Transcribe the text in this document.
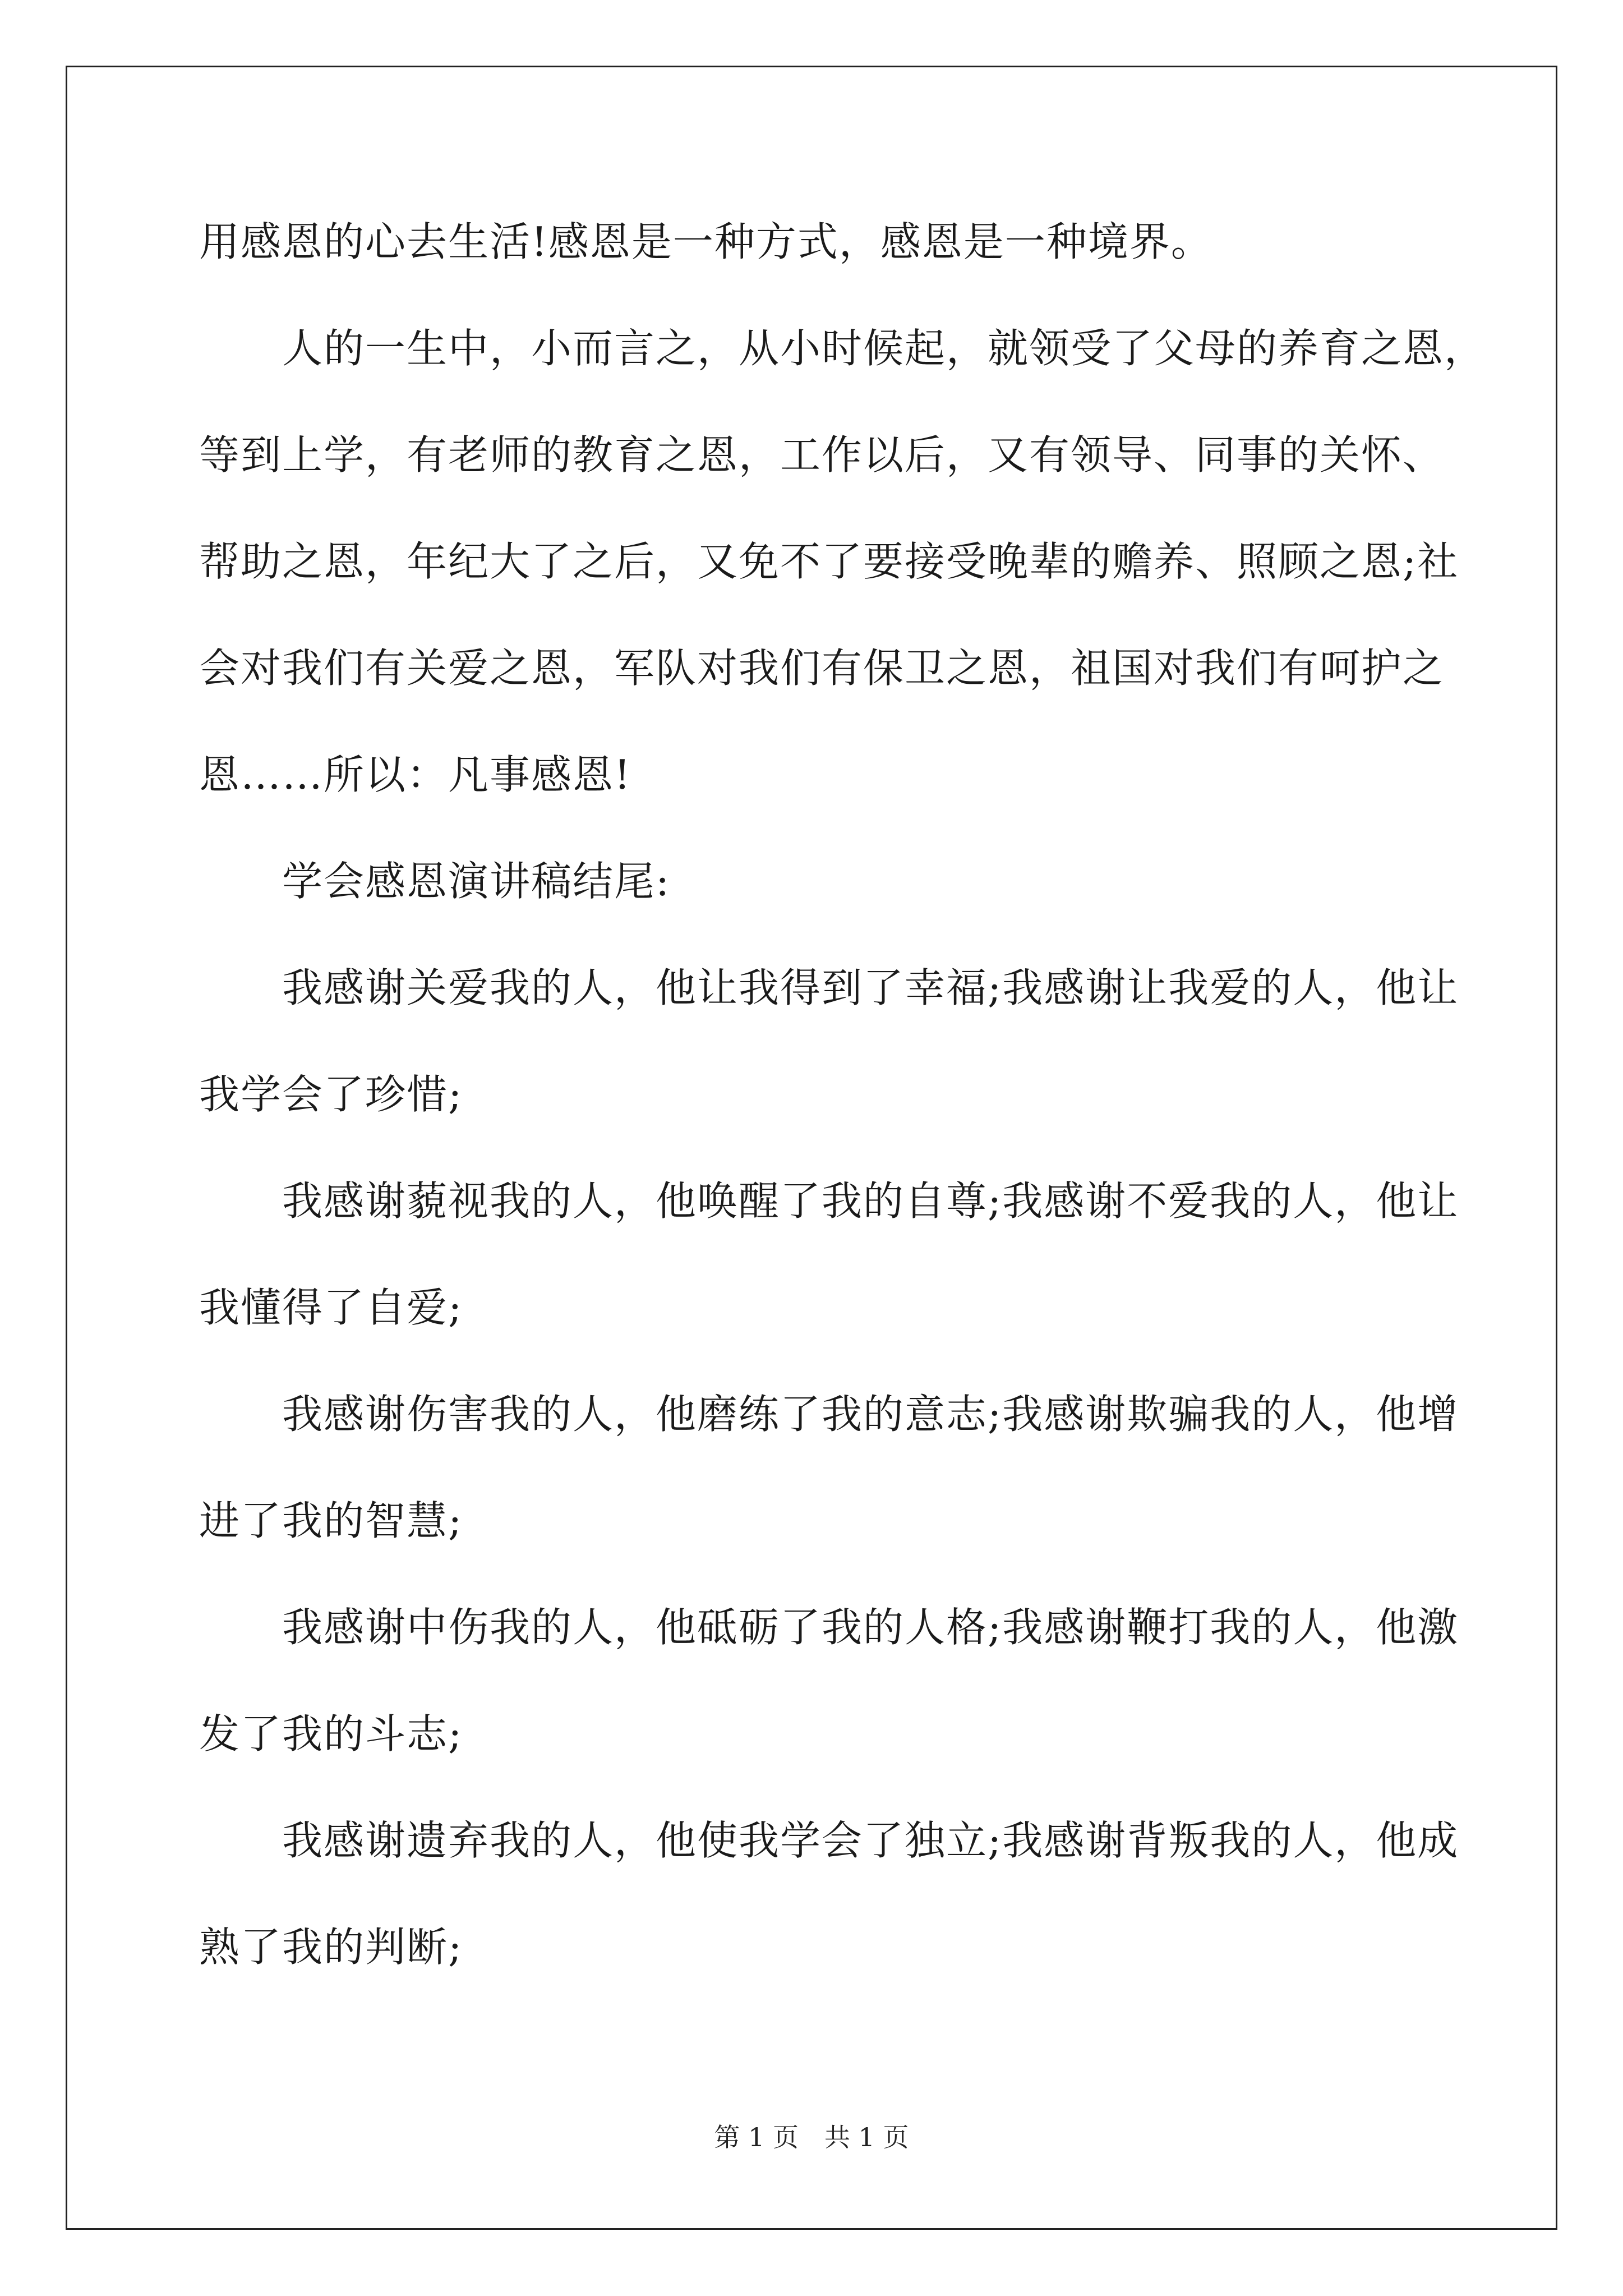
用感恩的心去生活!感恩是一种方式，感恩是一种境界。
人的一生中，小而言之，从小时候起，就领受了父母的养育之恩，
等到上学，有老师的教育之恩，工作以后，又有领导、同事的关怀、
帮助之恩，年纪大了之后，又免不了要接受晚辈的赡养、照顾之恩;社
会对我们有关爱之恩，军队对我们有保卫之恩，祖国对我们有呵护之
恩……所以：凡事感恩!
学会感恩演讲稿结尾:
我感谢关爱我的人，他让我得到了幸福;我感谢让我爱的人，他让
我学会了珍惜;
我感谢藐视我的人，他唤醒了我的自尊;我感谢不爱我的人，他让
我懂得了自爱;
我感谢伤害我的人，他磨练了我的意志;我感谢欺骗我的人，他增
进了我的智慧;
我感谢中伤我的人，他砥砺了我的人格;我感谢鞭打我的人，他激
发了我的斗志;
我感谢遗弃我的人，他使我学会了独立;我感谢背叛我的人，他成
熟了我的判断;
第 1 页　共 1 页
